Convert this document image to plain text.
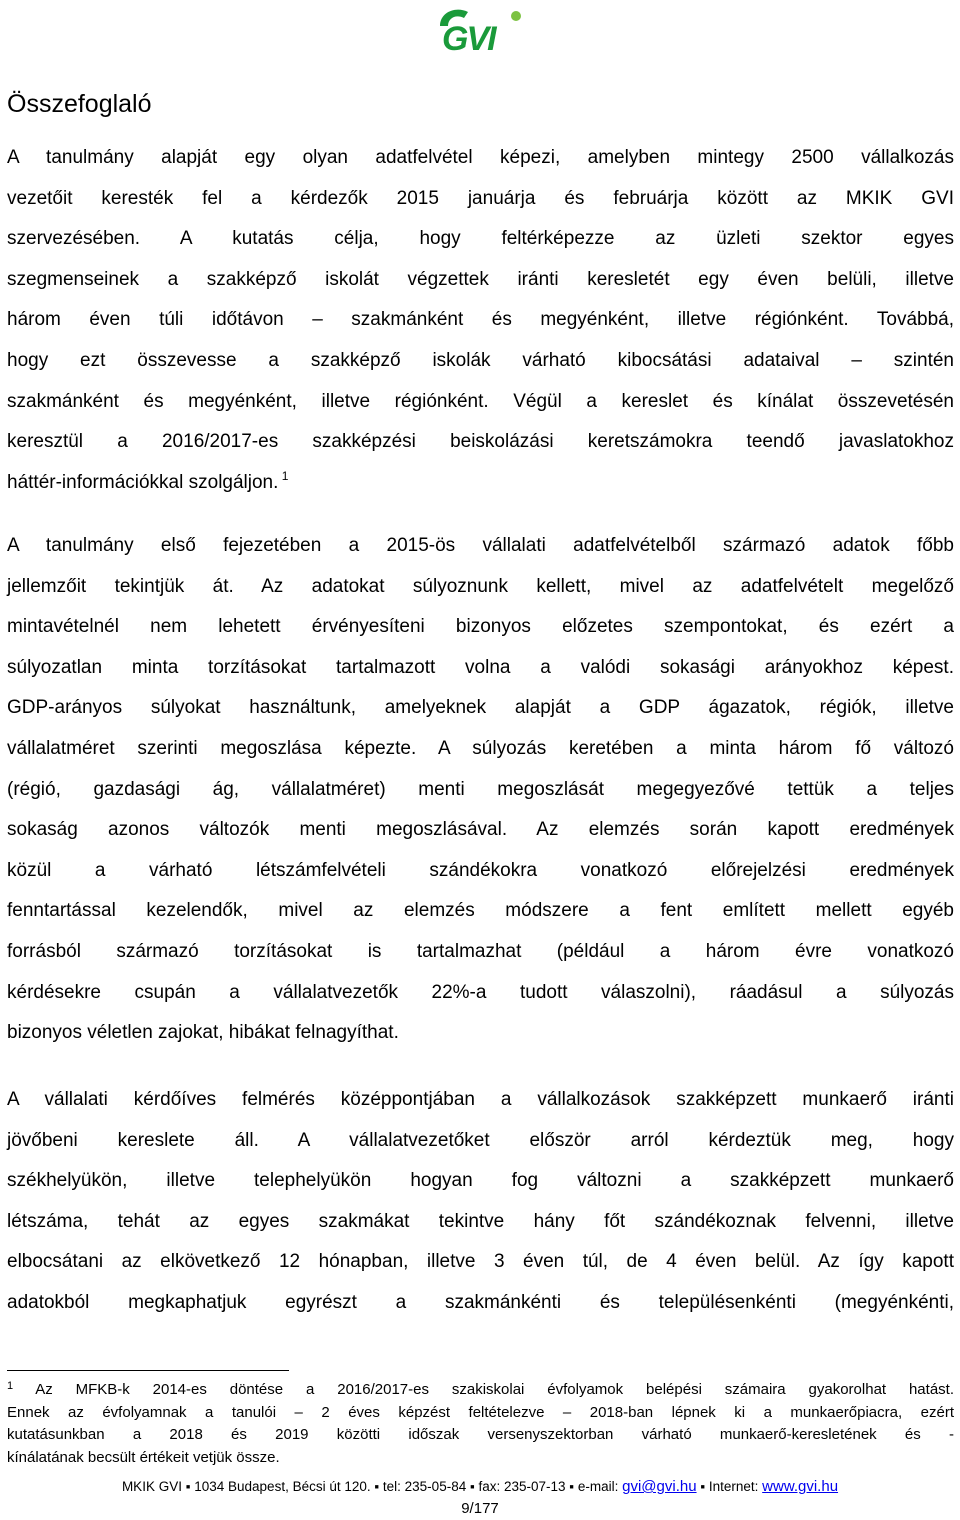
GVI
Összefoglaló
A tanulmány alapját egy olyan adatfelvétel képezi, amelyben mintegy 2500 vállalkozás
vezetőit keresték fel a kérdezők 2015 januárja és februárja között az MKIK GVI
szervezésében. A kutatás célja, hogy feltérképezze az üzleti szektor egyes
szegmenseinek a szakképző iskolát végzettek iránti keresletét egy éven belüli, illetve
három éven túli időtávon – szakmánként és megyénként, illetve régiónként. Továbbá,
hogy ezt összevesse a szakképző iskolák várható kibocsátási adataival – szintén
szakmánként és megyénként, illetve régiónként. Végül a kereslet és kínálat összevetésén
keresztül a 2016/2017-es szakképzési beiskolázási keretszámokra teendő javaslatokhoz
háttér-információkkal szolgáljon. $^1$
A tanulmány első fejezetében a 2015-ös vállalati adatfelvételből származó adatok főbb
jellemzőit tekintjük át. Az adatokat súlyoznunk kellett, mivel az adatfelvételt megelőző
mintavételnél nem lehetett érvényesíteni bizonyos előzetes szempontokat, és ezért a
súlyozatlan minta torzításokat tartalmazott volna a valódi sokasági arányokhoz képest.
GDP-arányos súlyokat használtunk, amelyeknek alapját a GDP ágazatok, régiók, illetve
vállalatméret szerinti megoszlása képezte. A súlyozás keretében a minta három fő változó
(régió, gazdasági ág, vállalatméret) menti megoszlását megegyezővé tettük a teljes
sokaság azonos változók menti megoszlásával. Az elemzés során kapott eredmények
közül a várható létszámfelvételi szándékokra vonatkozó előrejelzési eredmények
fenntartással kezelendők, mivel az elemzés módszere a fent említett mellett egyéb
forrásból származó torzításokat is tartalmazhat (például a három évre vonatkozó
kérdésekre csupán a vállalatvezetők 22%-a tudott válaszolni), ráadásul a súlyozás
bizonyos véletlen zajokat, hibákat felnagyíthat.
A vállalati kérdőíves felmérés középpontjában a vállalkozások szakképzett munkaerő iránti
jövőbeni kereslete áll. A vállalatvezetőket először arról kérdeztük meg, hogy
székhelyükön, illetve telephelyükön hogyan fog változni a szakképzett munkaerő
létszáma, tehát az egyes szakmákat tekintve hány főt szándékoznak felvenni, illetve
elbocsátani az elkövetkező 12 hónapban, illetve 3 éven túl, de 4 éven belül. Az így kapott
adatokból megkaphatjuk egyrészt a szakmánkénti és településenkénti (megyénkénti,
$^1$ Az MFKB-k 2014-es döntése a 2016/2017-es szakiskolai évfolyamok belépési számaira gyakorolhat hatást.
Ennek az évfolyamnak a tanulói – 2 éves képzést feltételezve – 2018-ban lépnek ki a munkaerőpiacra, ezért
kutatásunkban a 2018 és 2019 közötti időszak versenyszektorban várható munkaerő-keresletének és -
kínálatának becsült értékeit vetjük össze.
MKIK GVI ▪ 1034 Budapest, Bécsi út 120. ▪ tel: 235-05-84 ▪ fax: 235-07-13 ▪ e-mail: gvi@gvi.hu ▪ Internet: www.gvi.hu
9/177
